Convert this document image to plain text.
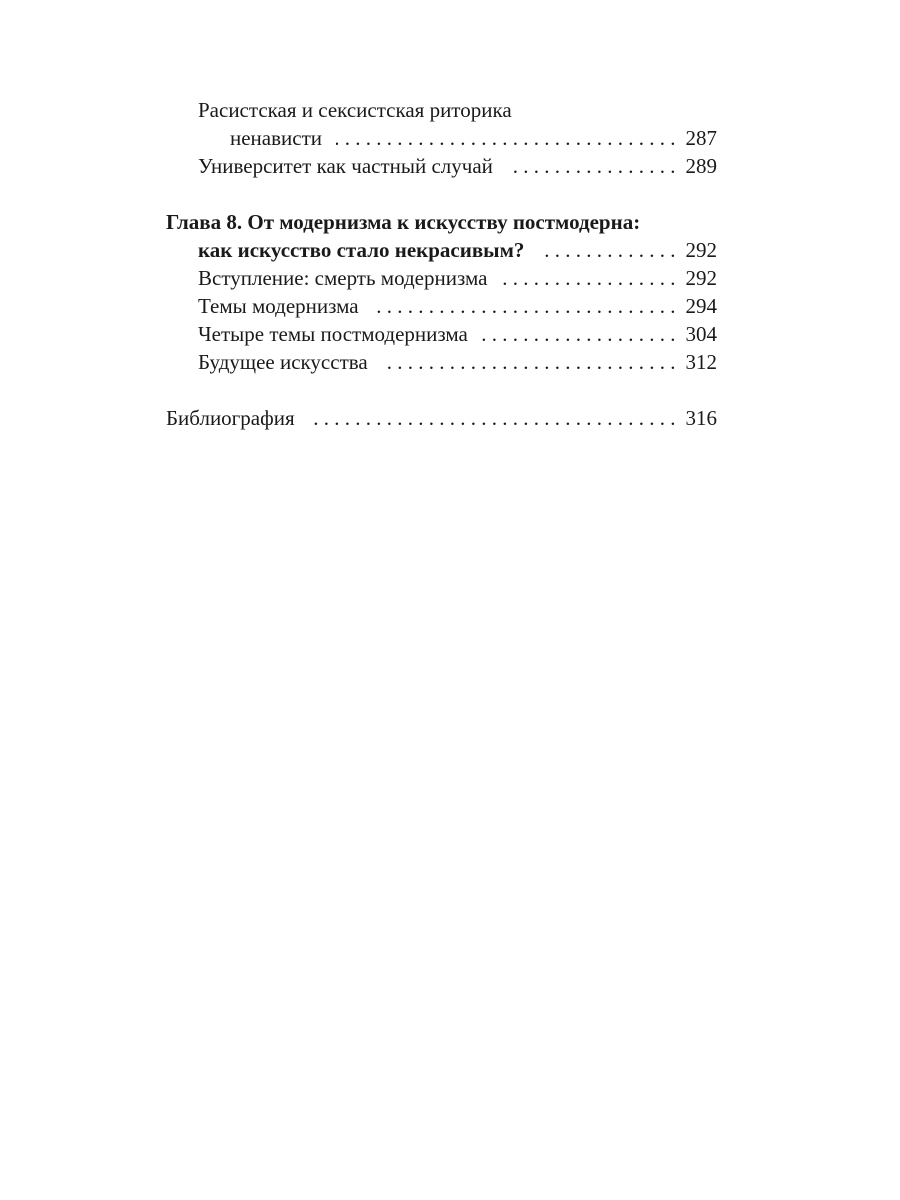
Расистская и сексистская риторика
ненависти . . .	287
Университет как частный случай . . .	289
Глава 8. От модернизма к искусству постмодерна:
как искусство стало некрасивым? . . .	292
Вступление: смерть модернизма . . .	292
Темы модернизма . . .	294
Четыре темы постмодернизма . . .	304
Будущее искусства . . .	312
Библиография . . .	316
